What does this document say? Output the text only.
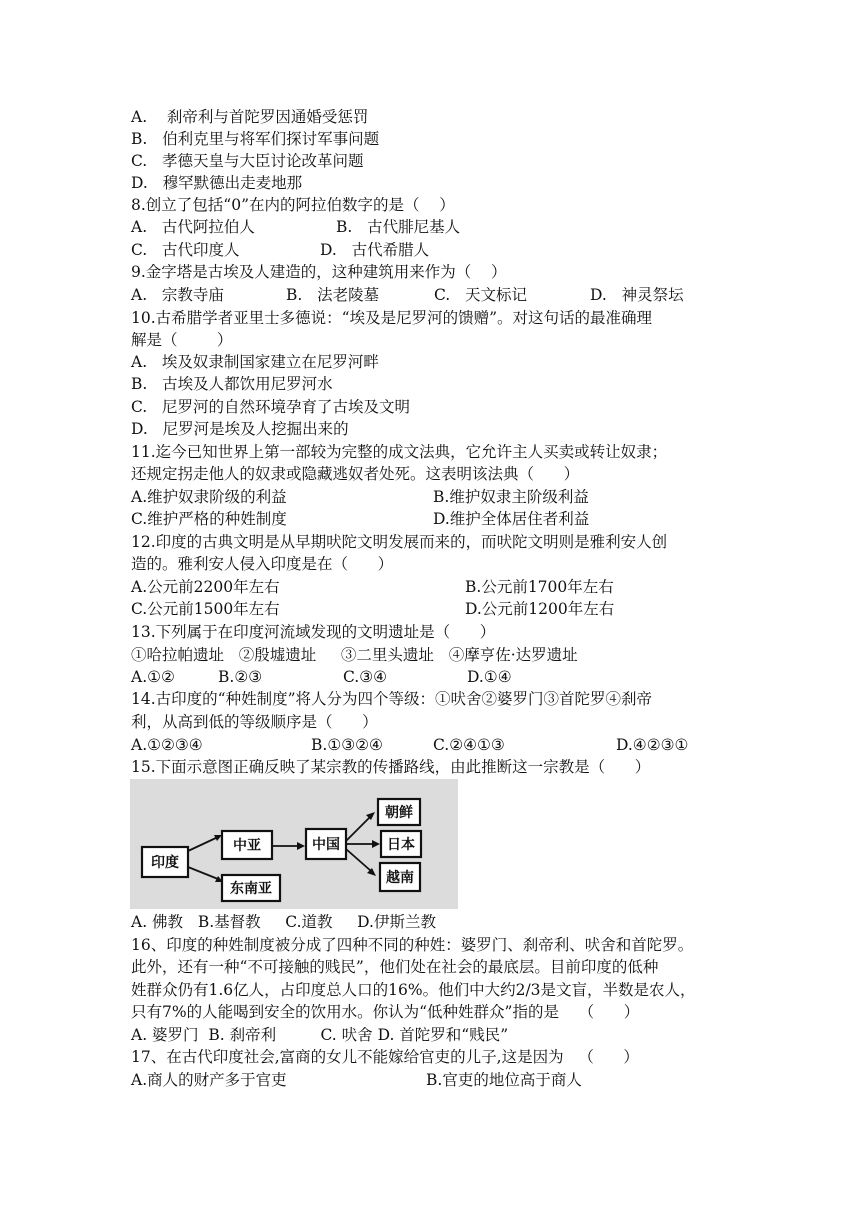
A.    刹帝利与首陀罗因通婚受惩罚
B.   伯利克里与将军们探讨军事问题
C.   孝德天皇与大臣讨论改革问题
D.   穆罕默德出走麦地那
8.创立了包括“0”在内的阿拉伯数字的是（    ）
A.   古代阿拉伯人	B.   古代腓尼基人
C.   古代印度人	D.   古代希腊人
9.金字塔是古埃及人建造的，这种建筑用来作为（    ）
A.   宗教寺庙	B.   法老陵墓	C.   天文标记	D.   神灵祭坛
10.古希腊学者亚里士多德说：“埃及是尼罗河的馈赠”。对这句话的最准确理
解是（        ）
A.   埃及奴隶制国家建立在尼罗河畔
B.   古埃及人都饮用尼罗河水
C.   尼罗河的自然环境孕育了古埃及文明
D.   尼罗河是埃及人挖掘出来的
11.迄今已知世界上第一部较为完整的成文法典，它允许主人买卖或转让奴隶；
还规定拐走他人的奴隶或隐藏逃奴者处死。这表明该法典（      ）
A.维护奴隶阶级的利益	B.维护奴隶主阶级利益
C.维护严格的种姓制度	D.维护全体居住者利益
12.印度的古典文明是从早期吠陀文明发展而来的，而吠陀文明则是雅利安人创
造的。雅利安人侵入印度是在（      ）
A.公元前2200年左右	B.公元前1700年左右
C.公元前1500年左右	D.公元前1200年左右
13.下列属于在印度河流域发现的文明遗址是（      ）
①哈拉帕遗址   ②殷墟遗址     ③二里头遗址   ④摩亨佐·达罗遗址
A.①②	B.②③	C.③④	D.①④
14.古印度的“种姓制度”将人分为四个等级：①吠舍②婆罗门③首陀罗④刹帝
利，从高到低的等级顺序是（      ）
A.①②③④	B.①③②④	C.②④①③	D.④②③①
15.下面示意图正确反映了某宗教的传播路线，由此推断这一宗教是（      ）
A. 佛教   B.基督教     C.道教     D.伊斯兰教
16、印度的种姓制度被分成了四种不同的种姓：婆罗门、刹帝利、吠舍和首陀罗。
此外，还有一种“不可接触的贱民”，他们处在社会的最底层。目前印度的低种
姓群众仍有1.6亿人，占印度总人口的16%。他们中大约2/3是文盲，半数是农人，
只有7%的人能喝到安全的饮用水。你认为“低种姓群众”指的是    （      ）
A. 婆罗门  B. 刹帝利         C. 吠舍 D. 首陀罗和“贱民”
17、在古代印度社会,富商的女儿不能嫁给官吏的儿子,这是因为   （      ）
A.商人的财产多于官吏	B.官吏的地位高于商人
印度
中亚
东南亚
中国
朝鲜
日本
越南
